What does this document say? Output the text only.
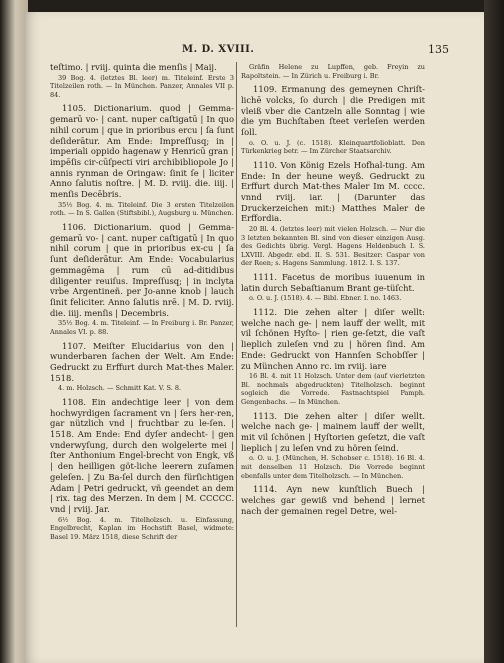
M. D. XVIII.	135

teſtimo. | rviij. quinta die menſis | Maij.

39 Bog. 4. (letztes Bl. leer) m. Titeleinf. Erste 3 Titelzeilen roth. — In München. Panzer, Annales VII p. 84.

1105. Dictionarium. quod | Gemma-gemarū vo- | cant. nuper caſtigatū | In quo nihil corum | que in prioribus ercu | ſa ſunt deſiderātur. Am Ende: Impreſſusq; in | imperiali oppido hagenaw y Henricū gran | impēſis cir-cūſpecti viri archibibliopole Jo | annis rynman de Oringaw: ſinit ſe | liciter Anno ſalutis noſtre. | M. D. rviij. die. iiij. | menſis Decēbris.

35½ Bog. 4. m. Titeleinf. Die 3 ersten Titelzeilen roth. — In S. Gallen (Stiftsbibl.), Augsburg u. München.

1106. Dictionarium. quod | Gemma-gemarū vo- | cant. nuper caſtigatū | In quo nihil corum | que in prioribus ex-cu | ſa ſunt deſiderātur. Am Ende: Vocabularius gemmagēma | rum cū ad-ditidibus diligenter reuiſus. Impreſſusq; | in inclyta vrbe Argentineñ. per Jo-anne knob | lauch ſinit feliciter. Anno ſalutis nrē. | M. D. rviij. die. iiij. menſis | Decembris.

35½ Bog. 4. m. Titeleinf. — In Freiburg i. Br. Panzer, Annales VI. p. 88.

1107. Meiſter Elucidarius von den | wunderbaren ſachen der Welt. Am Ende: Gedruckt zu Erffurt durch Mat-thes Maler. 1518.

4. m. Holzsch. — Schmitt Kat. V. S. 8.

1108. Ein andechtige leer | von dem hochwyrdigen ſacrament vn | ſers her-ren, gar nützlich vnd | fruchtbar zu le-ſen. | 1518. Am Ende: End dyſer andecht- | gen vnderwyſung, durch den wolgelerte mei | ſter Anthonium Engel-brecht von Engk, vß | den heilligen göt-liche leerern zuſamen geleſen. | Zu Ba-ſel durch den fürſichtigen Adam | Petri gedruckt, vñ geendet an dem | rix. tag des Merzen. In dem | M. CCCCC. vnd | rviij. Jar.

6½ Bog. 4. m. Titelholzsch. u. Einfassung, Engelbrecht, Kaplan im Hochstift Basel, widmete: Basel 19. März 1518, diese Schrift der

Gräfin Helene zu Lupffen, geb. Freyin zu Rapoltstein. — In Zürich u. Freiburg i. Br.

1109. Ermanung des gemeynen Chriſt-lichē volcks, ſo durch | die Predigen mit vleiß vber die Cantzeln alle Sonntag | wie die ym Buchſtaben ſteet verleſen werden ſoll.

o. O. u. J. (c. 1518). Kleinquartfolioblatt. Den Türkenkrieg betr. — Im Zürcher Staatsarchiv.

1110. Von König Ezels Hofhal-tung. Am Ende: In der heune weyß. Gedruckt zu Erffurt durch Mat-thes Maler Im M. cccc. vnnd rviij. iar. | (Darunter das Druckerzeichen mit:) Matthes Maler de Erffordia.

20 Bl. 4. (letztes leer) mit vielen Holzsch. — Nur die 3 letzten bekannten Bl. sind von dieser einzigen Ausg. des Gedichts übrig. Vergl. Hagens Heldenbuch I. S. LXVIII. Abgedr. ebd. II. S. 531. Besitzer: Caspar von der Reen; s. Hagens Sammlung. 1812. I. S. 137.

1111. Facetus de moribus iuuenum in latin durch Sebaſtianum Brant ge-tüſcht.

o. O. u. J. (1518). 4. — Bibl. Ebner. I. no. 1463.

1112. Die zehen alter | diſer wellt: welche nach ge- | nem lauff der wellt, mit vil ſchönen Hyſto- | rien ge-ſetzt, die vaſt lieplich zuleſen vnd zu | hören ſind. Am Ende: Gedruckt von Hannſen Schobſſer | zu München Anno rc. im rviij. iare

16 Bl. 4. mit 11 Holzsch. Unter dem (auf vierletzten Bl. nochmals abgedruckten) Titelholzsch. beginnt sogleich die Vorrede. Fastnachtspiel Pamph. Gengenbachs. — In München.

1113. Die zehen alter | diſer wellt. welche nach ge- | mainem lauff der wellt, mit vil ſchönen | Hyſtorien geſetzt, die vaſt lieplich | zu leſen vnd zu hören ſeind.

o. O. u. J. (München, H. Schobser c. 1518). 16 Bl. 4. mit denselben 11 Holzsch. Die Vorrede beginnt ebenfalls unter dem Titelholzsch. — In München.

1114. Ayn new kunſtlich Buech | welches gar gewiß vnd behend | lernet nach der gemainen regel Detre, wel-
